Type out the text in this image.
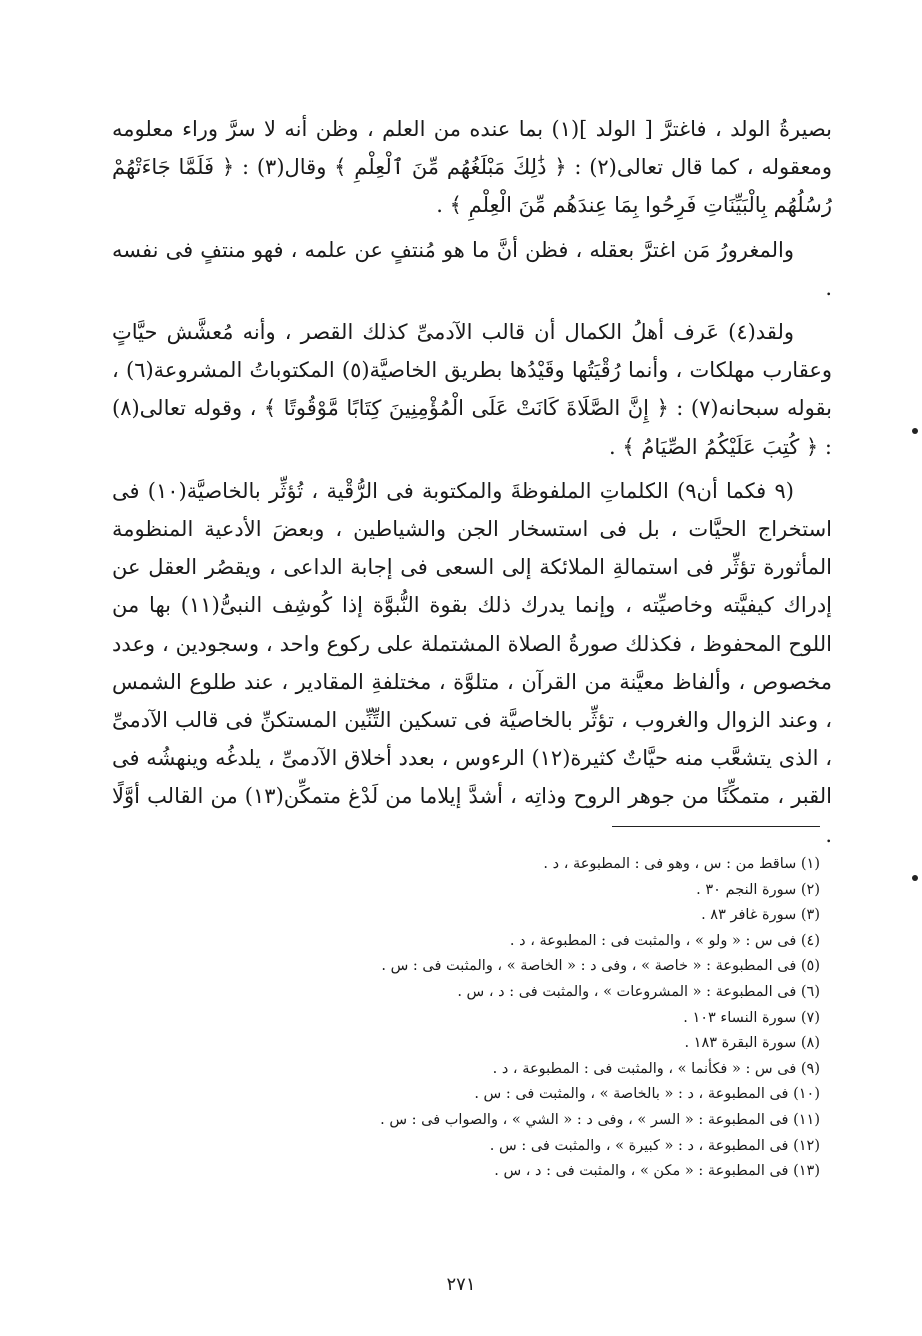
بصيرةُ الولد ، فاغترَّ [ الولد ](١) بما عنده من العلم ، وظن أنه لا سرَّ وراء معلومه ومعقوله ، كما قال تعالى(٢) : ﴿ ذَٰلِكَ مَبْلَغُهُم مِّنَ ٱلْعِلْمِ ﴾ وقال(٣) : ﴿ فَلَمَّا جَاءَتْهُمْ رُسُلُهُم بِالْبَيِّنَاتِ فَرِحُوا بِمَا عِندَهُم مِّنَ الْعِلْمِ ﴾ .

والمغرورُ مَن اغترَّ بعقله ، فظن أنَّ ما هو مُنتفٍ عن علمه ، فهو منتفٍ فى نفسه .

ولقد(٤) عَرف أهلُ الكمال أن قالب الآدمىِّ كذلك القصر ، وأنه مُعشَّش حيَّاتٍ وعقارب مهلكات ، وأنما رُقْيَتُها وقَيْدُها بطريق الخاصيَّة(٥) المكتوباتُ المشروعة(٦) ، بقوله سبحانه(٧) : ﴿ إِنَّ الصَّلَاةَ كَانَتْ عَلَى الْمُؤْمِنِينَ كِتَابًا مَّوْقُوتًا ﴾ ، وقوله تعالى(٨) : ﴿ كُتِبَ عَلَيْكُمُ الصِّيَامُ ﴾ .

(٩ فكما أن٩) الكلماتِ الملفوظةَ والمكتوبة فى الرُّقْية ، تُؤثِّر بالخاصيَّة(١٠) فى استخراج الحيَّات ، بل فى استسخار الجن والشياطين ، وبعضَ الأدعية المنظومة المأثورة تؤثِّر فى استمالةِ الملائكة إلى السعى فى إجابة الداعى ، ويقصُر العقل عن إدراك كيفيَّته وخاصيِّته ، وإنما يدرك ذلك بقوة النُّبوَّة إذا كُوشِف النبىُّ(١١) بها من اللوح المحفوظ ، فكذلك صورةُ الصلاة المشتملة على ركوع واحد ، وسجودين ، وعدد مخصوص ، وألفاظ معيَّنة من القرآن ، متلوَّة ، مختلفةِ المقادير ، عند طلوع الشمس ، وعند الزوال والغروب ، تؤثِّر بالخاصيَّة فى تسكين التِّنِّين المستكنِّ فى قالب الآدمىِّ ، الذى يتشعَّب منه حيَّاتٌ كثيرة(١٢) الرءوس ، بعدد أخلاق الآدمىِّ ، يلدغُه وينهشُه فى القبر ، متمكِّنًا من جوهر الروح وذاتِه ، أشدَّ إيلاما من لَدْغ متمكِّن(١٣) من القالب أوَّلًا .

(١) ساقط من : س ، وهو فى : المطبوعة ، د .
(٢) سورة النجم ٣٠ .
(٣) سورة غافر ٨٣ .
(٤) فى س : « ولو » ، والمثبت فى : المطبوعة ، د .
(٥) فى المطبوعة : « خاصة » ، وفى د : « الخاصة » ، والمثبت فى : س .
(٦) فى المطبوعة : « المشروعات » ، والمثبت فى : د ، س .
(٧) سورة النساء ١٠٣ .
(٨) سورة البقرة ١٨٣ .
(٩) فى س : « فكأنما » ، والمثبت فى : المطبوعة ، د .
(١٠) فى المطبوعة ، د : « بالخاصة » ، والمثبت فى : س .
(١١) فى المطبوعة : « السر » ، وفى د : « الشي » ، والصواب فى : س .
(١٢) فى المطبوعة ، د : « كبيرة » ، والمثبت فى : س .
(١٣) فى المطبوعة : « مكن » ، والمثبت فى : د ، س .
٢٧١
